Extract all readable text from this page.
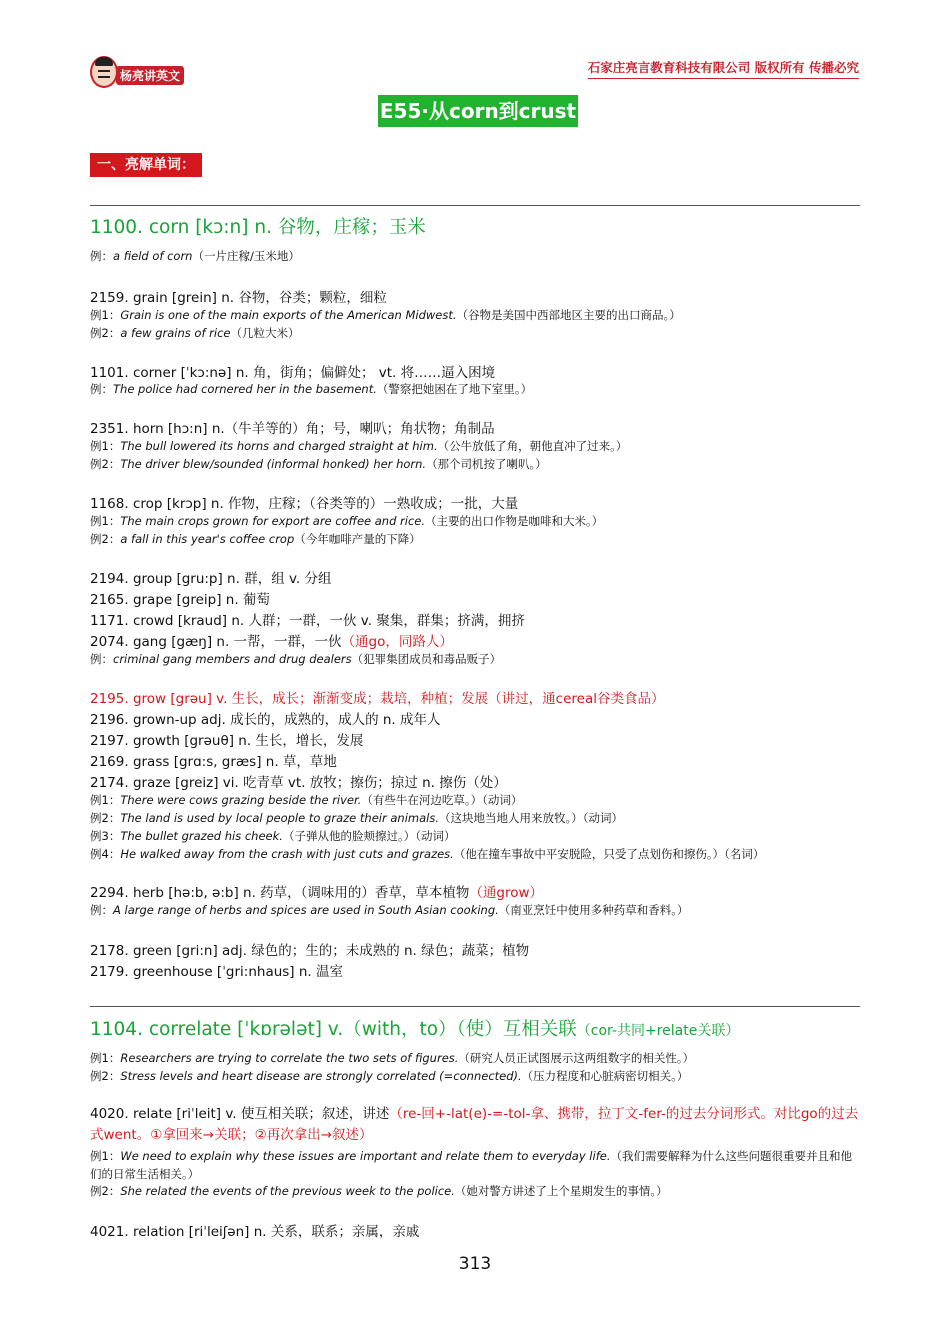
杨亮讲英文
石家庄亮言教育科技有限公司 版权所有 传播必究
E55·从corn到crust
一、亮解单词：
1100. corn [kɔ:n] n. 谷物，庄稼；玉米
例：a field of corn（一片庄稼/玉米地）
2159. grain [grein] n. 谷物，谷类；颗粒，细粒
例1：Grain is one of the main exports of the American Midwest.（谷物是美国中西部地区主要的出口商品。）
例2：a few grains of rice（几粒大米）
1101. corner [ˈkɔ:nə] n. 角，街角；偏僻处； vt. 将……逼入困境
例：The police had cornered her in the basement.（警察把她困在了地下室里。）
2351. horn [hɔ:n] n.（牛羊等的）角；号，喇叭；角状物；角制品
例1：The bull lowered its horns and charged straight at him.（公牛放低了角，朝他直冲了过来。）
例2：The driver blew/sounded (informal honked) her horn.（那个司机按了喇叭。）
1168. crop [krɔp] n. 作物，庄稼；（谷类等的）一熟收成；一批，大量
例1：The main crops grown for export are coffee and rice.（主要的出口作物是咖啡和大米。）
例2：a fall in this year's coffee crop（今年咖啡产量的下降）
2194. group [gru:p] n. 群，组 v. 分组
2165. grape [greip] n. 葡萄
1171. crowd [kraud] n. 人群；一群，一伙 v. 聚集，群集；挤满，拥挤
2074. gang [gæŋ] n. 一帮，一群，一伙（通go，同路人）
例：criminal gang members and drug dealers（犯罪集团成员和毒品贩子）
2195. grow [grəu] v. 生长，成长；渐渐变成；栽培，种植；发展（讲过，通cereal谷类食品）
2196. grown-up adj. 成长的，成熟的，成人的 n. 成年人
2197. growth [grəuθ] n. 生长，增长，发展
2169. grass [grɑ:s, græs] n. 草，草地
2174. graze [greiz] vi. 吃青草 vt. 放牧；擦伤；掠过 n. 擦伤（处）
例1：There were cows grazing beside the river.（有些牛在河边吃草。）（动词）
例2：The land is used by local people to graze their animals.（这块地当地人用来放牧。）（动词）
例3：The bullet grazed his cheek.（子弹从他的脸颊擦过。）（动词）
例4：He walked away from the crash with just cuts and grazes.（他在撞车事故中平安脱险，只受了点划伤和擦伤。）（名词）
2294. herb [hə:b, ə:b] n. 药草，（调味用的）香草，草本植物（通grow）
例：A large range of herbs and spices are used in South Asian cooking.（南亚烹饪中使用多种药草和香料。）
2178. green [gri:n] adj. 绿色的；生的；未成熟的 n. 绿色；蔬菜；植物
2179. greenhouse [ˈgri:nhaus] n. 温室
1104. correlate [ˈkɒrələt] v.（with，to）（使）互相关联（cor-共同+relate关联）
例1：Researchers are trying to correlate the two sets of figures.（研究人员正试图展示这两组数字的相关性。）
例2：Stress levels and heart disease are strongly correlated (=connected).（压力程度和心脏病密切相关。）
4020. relate [riˈleit] v. 使互相关联；叙述，讲述（re-回+-lat(e)-=-tol-拿、携带，拉丁文-fer-的过去分词形式。对比go的过去式went。①拿回来→关联；②再次拿出→叙述）
例1：We need to explain why these issues are important and relate them to everyday life.（我们需要解释为什么这些问题很重要并且和他们的日常生活相关。）
例2：She related the events of the previous week to the police.（她对警方讲述了上个星期发生的事情。）
4021. relation [riˈleiʃən] n. 关系，联系；亲属，亲戚
313
